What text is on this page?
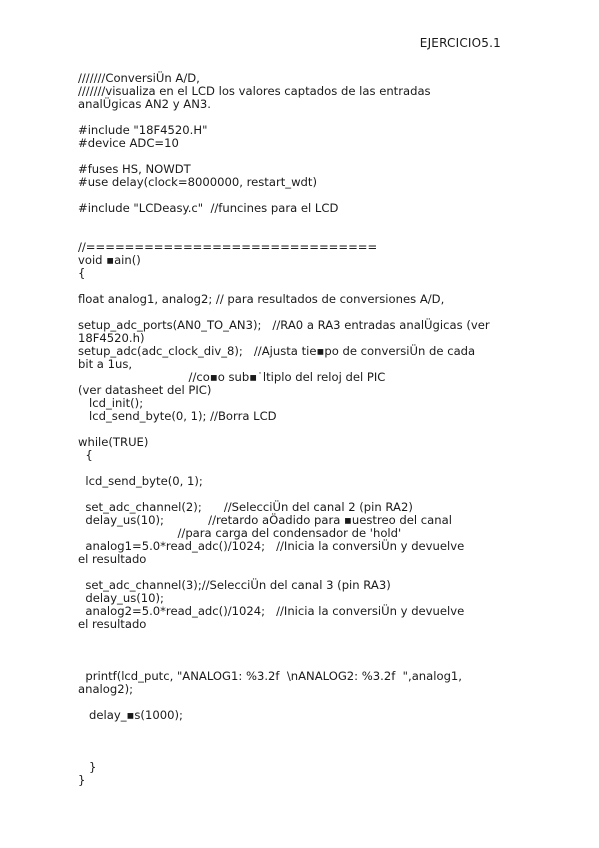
EJERCICIO5.1
///////ConversiÜn A/D,
///////visualiza en el LCD los valores captados de las entradas
analÜgicas AN2 y AN3.
#include "18F4520.H"
#device ADC=10
#fuses HS, NOWDT
#use delay(clock=8000000, restart_wdt)
#include "LCDeasy.c"  //funcines para el LCD
//==============================
void ▪ain()
{
float analog1, analog2; // para resultados de conversiones A/D,
setup_adc_ports(AN0_TO_AN3);   //RA0 a RA3 entradas analÜgicas (ver
18F4520.h)
setup_adc(adc_clock_div_8);   //Ajusta tie▪po de conversiÜn de cada
bit a 1us,
//co▪o sub▪˙ltiplo del reloj del PIC
(ver datasheet del PIC)
lcd_init();
lcd_send_byte(0, 1); //Borra LCD
while(TRUE)
{
lcd_send_byte(0, 1);
set_adc_channel(2);      //SelecciÜn del canal 2 (pin RA2)
delay_us(10);            //retardo aÖadido para ▪uestreo del canal
//para carga del condensador de 'hold'
analog1=5.0*read_adc()/1024;   //Inicia la conversiÜn y devuelve
el resultado
set_adc_channel(3);//SelecciÜn del canal 3 (pin RA3)
delay_us(10);
analog2=5.0*read_adc()/1024;   //Inicia la conversiÜn y devuelve
el resultado
printf(lcd_putc, "ANALOG1: %3.2f  \nANALOG2: %3.2f  ",analog1,
analog2);
delay_▪s(1000);
}
}
